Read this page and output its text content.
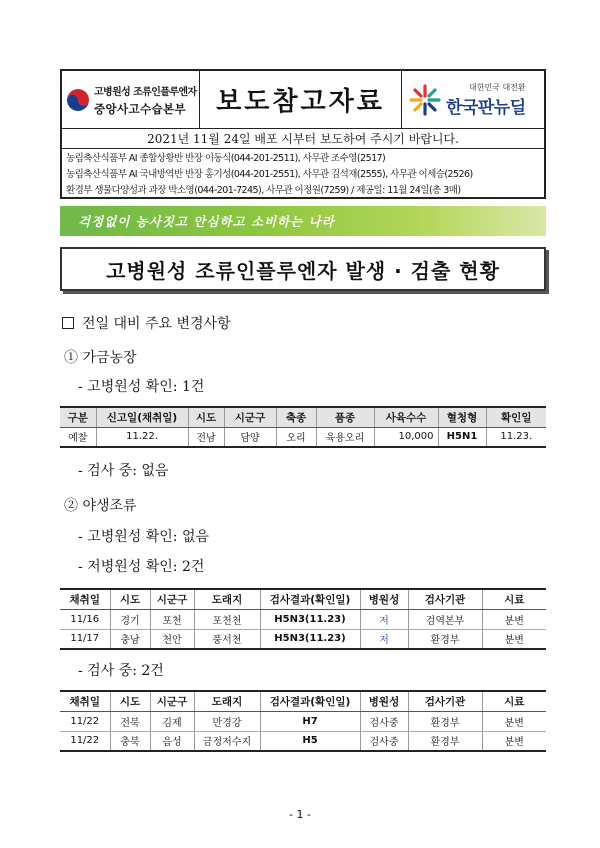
고병원성 조류인플루엔자
중앙사고수습본부	보도참고자료	대한민국 대전환
한국판뉴딜
2021년 11월 24일 배포 시부터 보도하여 주시기 바랍니다.
농림축산식품부 AI 종합상황반 반장 이동식(044-201-2511), 사무관 조수영(2517)
농림축산식품부 AI 국내방역반 반장 홍기성(044-201-2551), 사무관 김석재(2555), 사무관 이세승(2526)
환경부 생물다양성과 과장 박소영(044-201-7245), 사무관 이정원(7259) / 제공일: 11월 24일(총 3매)
걱정없이 농사짓고 안심하고 소비하는 나라
고병원성 조류인플루엔자 발생 · 검출 현황
전일 대비 주요 변경사항
① 가금농장
- 고병원성 확인: 1건
구분	신고일(채취일)	시도	시군구	축종	품종	사육수수	혈청형	확인일
예찰	11.22.	전남	담양	오리	육용오리	10,000	H5N1	11.23.
- 검사 중: 없음
② 야생조류
- 고병원성 확인: 없음
- 저병원성 확인: 2건
채취일	시도	시군구	도래지	검사결과(확인일)	병원성	검사기관	시료
11/16	경기	포천	포천천	H5N3(11.23)	저	검역본부	분변
11/17	충남	천안	풍서천	H5N3(11.23)	저	환경부	분변
- 검사 중: 2건
채취일	시도	시군구	도래지	검사결과(확인일)	병원성	검사기관	시료
11/22	전북	김제	만경강	H7	검사중	환경부	분변
11/22	충북	음성	금정저수지	H5	검사중	환경부	분변
- 1 -
